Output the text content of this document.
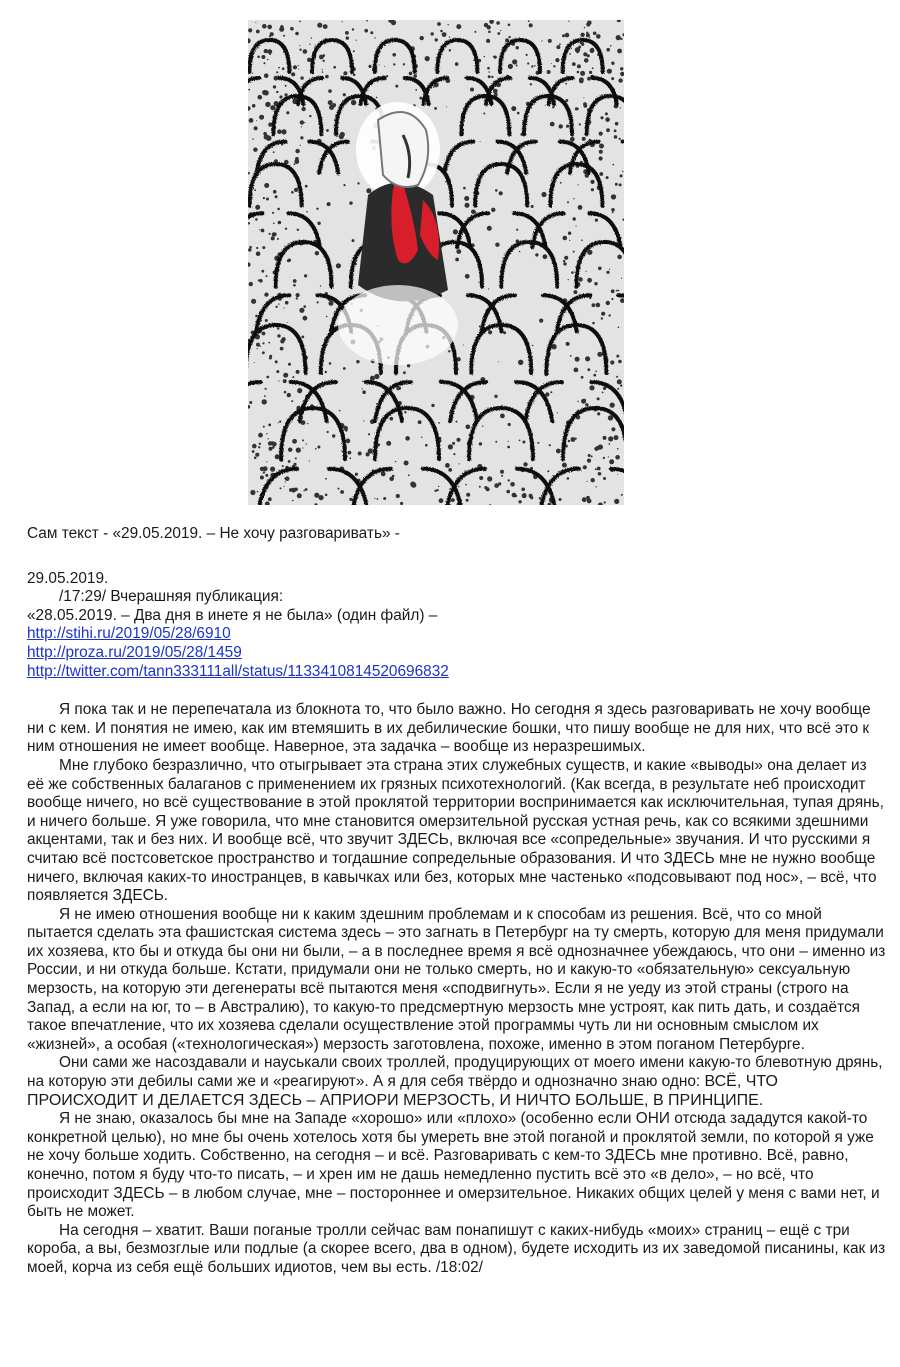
Сам текст - «29.05.2019. – Не хочу разговаривать» -

29.05.2019.

/17:29/ Вчерашняя публикация:

«28.05.2019. – Два дня в инете я не была» (один файл) –

http://stihi.ru/2019/05/28/6910
http://proza.ru/2019/05/28/1459
http://twitter.com/tann333111all/status/1133410814520696832

Я пока так и не перепечатала из блокнота то, что было важно. Но сегодня я здесь разговаривать не хочу вообще ни с кем. И понятия не имею, как им втемяшить в их дебилические бошки, что пишу вообще не для них, что всё это к ним отношения не имеет вообще. Наверное, эта задачка – вообще из неразрешимых.

Мне глубоко безразлично, что отыгрывает эта страна этих служебных существ, и какие «выводы» она делает из её же собственных балаганов с применением их грязных психотехнологий. (Как всегда, в результате неб происходит вообще ничего, но всё существование в этой проклятой территории воспринимается как исключительная, тупая дрянь, и ничего больше. Я уже говорила, что мне становится омерзительной русская устная речь, как со всякими здешними акцентами, так и без них. И вообще всё, что звучит ЗДЕСЬ, включая все «сопредельные» звучания. И что русскими я считаю всё постсоветское пространство и тогдашние сопредельные образования. И что ЗДЕСЬ мне не нужно вообще ничего, включая каких-то иностранцев, в кавычках или без, которых мне частенько «подсовывают под нос», – всё, что появляется ЗДЕСЬ.

Я не имею отношения вообще ни к каким здешним проблемам и к способам из решения. Всё, что со мной пытается сделать эта фашистская система здесь – это загнать в Петербург на ту смерть, которую для меня придумали их хозяева, кто бы и откуда бы они ни были, – а в последнее время я всё однозначнее убеждаюсь, что они – именно из России, и ни откуда больше. Кстати, придумали они не только смерть, но и какую-то «обязательную» сексуальную мерзость, на которую эти дегенераты всё пытаются меня «сподвигнуть». Если я не уеду из этой страны (строго на Запад, а если на юг, то – в Австралию), то какую-то предсмертную мерзость мне устроят, как пить дать, и создаётся такое впечатление, что их хозяева сделали осуществление этой программы чуть ли ни основным смыслом их «жизней», а особая («технологическая») мерзость заготовлена, похоже, именно в этом поганом Петербурге.

Они сами же насоздавали и науськали своих троллей, продуцирующих от моего имени какую-то блевотную дрянь, на которую эти дебилы сами же и «реагируют». А я для себя твёрдо и однозначно знаю одно: ВСЁ, ЧТО ПРОИСХОДИТ И ДЕЛАЕТСЯ ЗДЕСЬ – АПРИОРИ МЕРЗОСТЬ, И НИЧТО БОЛЬШЕ, В ПРИНЦИПЕ.

Я не знаю, оказалось бы мне на Западе «хорошо» или «плохо» (особенно если ОНИ отсюда зададутся какой-то конкретной целью), но мне бы очень хотелось хотя бы умереть вне этой поганой и проклятой земли, по которой я уже не хочу больше ходить. Собственно, на сегодня – и всё. Разговаривать с кем-то ЗДЕСЬ мне противно. Всё, равно, конечно, потом я буду что-то писать, – и хрен им не дашь немедленно пустить всё это «в дело», – но всё, что происходит ЗДЕСЬ – в любом случае, мне – постороннее и омерзительное. Никаких общих целей у меня с вами нет, и быть не может.

На сегодня – хватит. Ваши поганые тролли сейчас вам понапишут с каких-нибудь «моих» страниц – ещё с три короба, а вы, безмозглые или подлые (а скорее всего, два в одном), будете исходить из их заведомой писанины, как из моей, корча из себя ещё больших идиотов, чем вы есть. /18:02/
